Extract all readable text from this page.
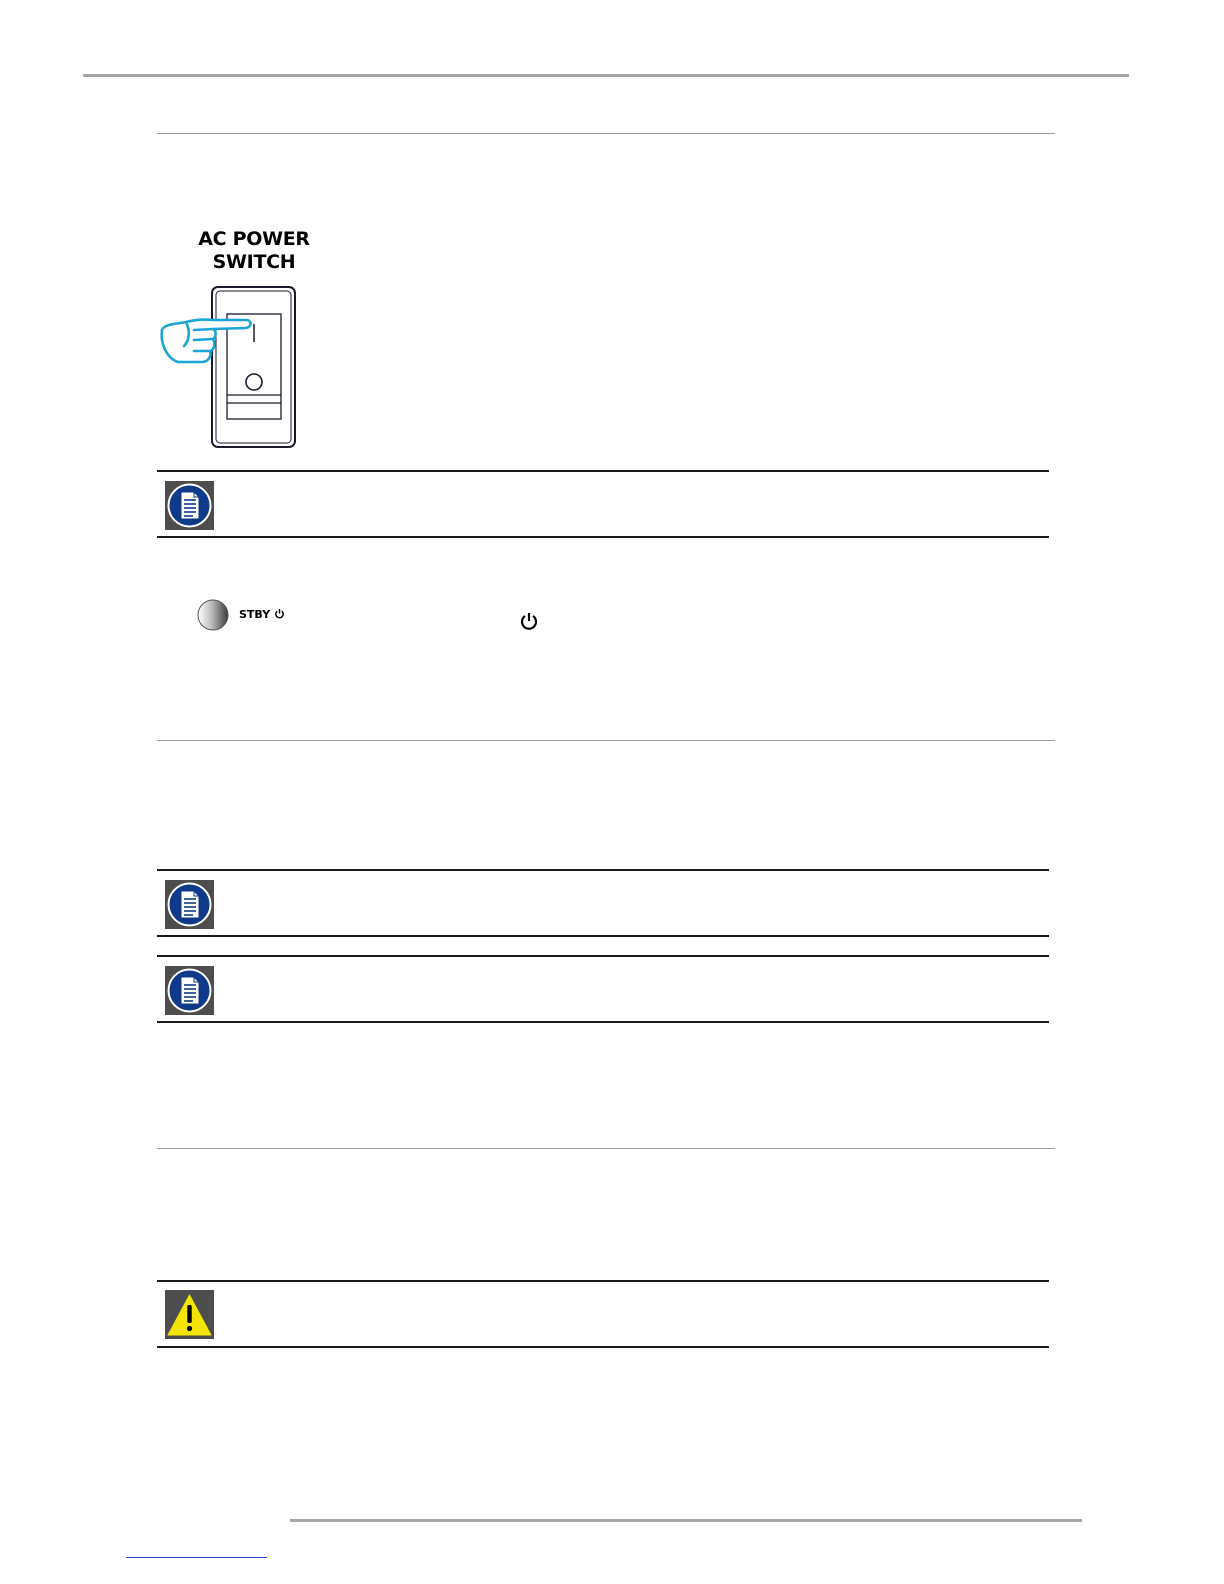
AC POWER
SWITCH
STBY
